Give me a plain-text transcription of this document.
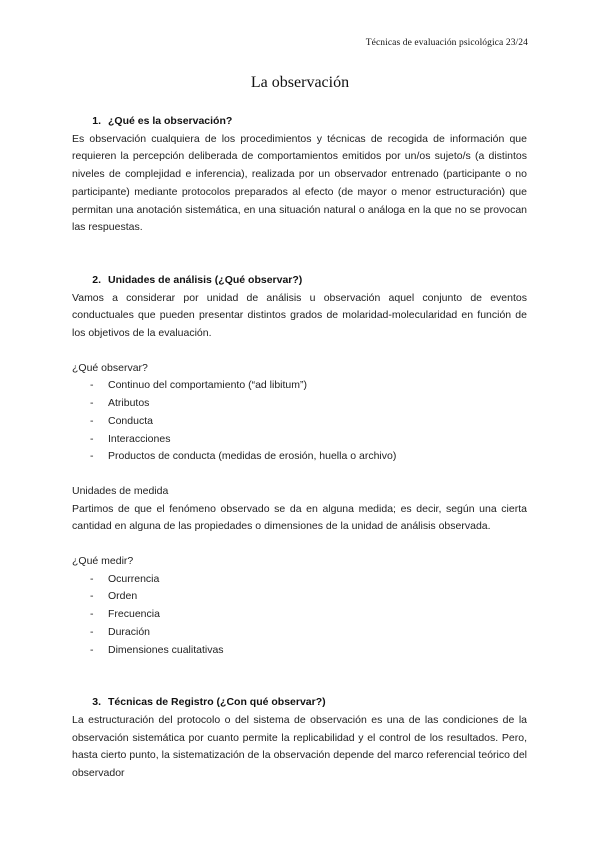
Técnicas de evaluación psicológica 23/24
La observación
1. ¿Qué es la observación?

Es observación cualquiera de los procedimientos y técnicas de recogida de información que requieren la percepción deliberada de comportamientos emitidos por un/os sujeto/s (a distintos niveles de complejidad e inferencia), realizada por un observador entrenado (participante o no participante) mediante protocolos preparados al efecto (de mayor o menor estructuración) que permitan una anotación sistemática, en una situación natural o análoga en la que no se provocan las respuestas.

2. Unidades de análisis (¿Qué observar?)

Vamos a considerar por unidad de análisis u observación aquel conjunto de eventos conductuales que pueden presentar distintos grados de molaridad-molecularidad en función de los objetivos de la evaluación.

¿Qué observar?

-	Continuo del comportamiento (“ad libitum”)
-	Atributos
-	Conducta
-	Interacciones
-	Productos de conducta (medidas de erosión, huella o archivo)

Unidades de medida

Partimos de que el fenómeno observado se da en alguna medida; es decir, según una cierta cantidad en alguna de las propiedades o dimensiones de la unidad de análisis observada.

¿Qué medir?

-	Ocurrencia
-	Orden
-	Frecuencia
-	Duración
-	Dimensiones cualitativas
3. Técnicas de Registro (¿Con qué observar?)

La estructuración del protocolo o del sistema de observación es una de las condiciones de la observación sistemática por cuanto permite la replicabilidad y el control de los resultados. Pero, hasta cierto punto, la sistematización de la observación depende del marco referencial teórico del observador
